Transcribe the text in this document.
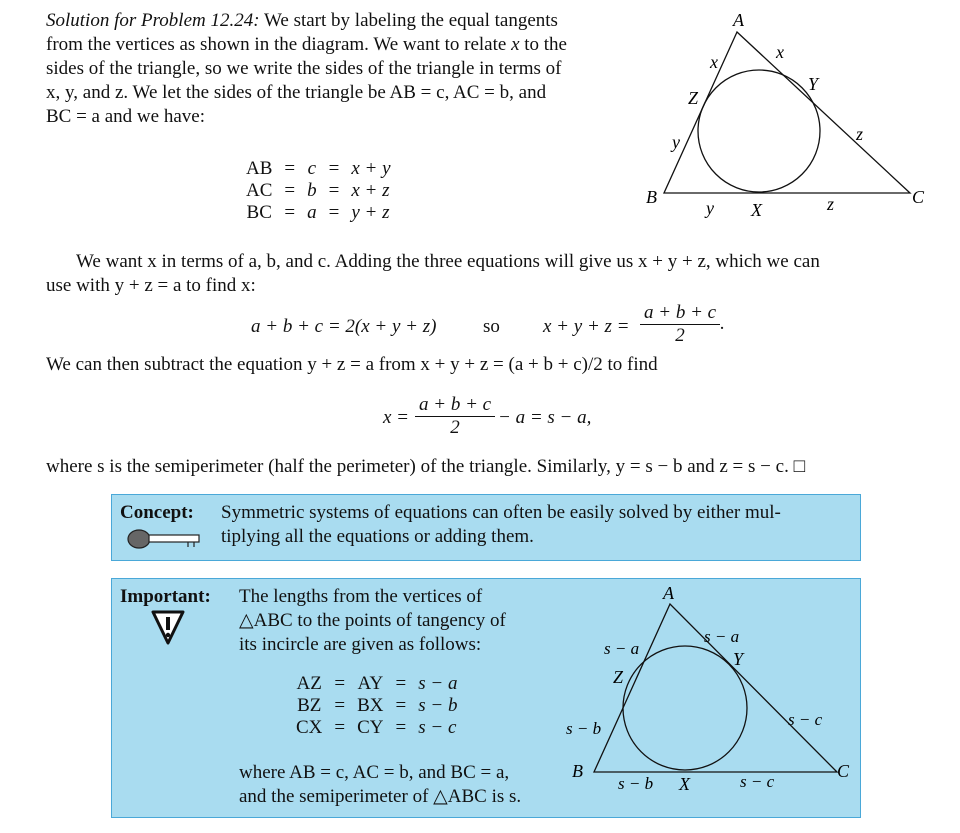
Solution for Problem 12.24: We start by labeling the equal tangents
from the vertices as shown in the diagram. We want to relate x to the
sides of the triangle, so we write the sides of the triangle in terms of
x, y, and z. We let the sides of the triangle be AB = c, AC = b, and
BC = a and we have:
AB	=	c	=	x + y
AC	=	b	=	x + z
BC	=	a	=	y + z
A
B	C
X
Y
Z
x	x
y
y
z
z
We want x in terms of a, b, and c. Adding the three equations will give us x + y + z, which we can
use with y + z = a to find x:
a + b + c = 2(x + y + z) so $x + y + z = \frac{a + b + c}{2}$ .
We can then subtract the equation y + z = a from x + y + z = (a + b + c)/2 to find
$x = \frac{a + b + c}{2} - a = s - a$,
where s is the semiperimeter (half the perimeter) of the triangle. Similarly, y = s − b and z = s − c. □
Concept: Symmetric systems of equations can often be easily solved by either mul-
tiplying all the equations or adding them.
Important: The lengths from the vertices of
△ABC to the points of tangency of
its incircle are given as follows:
AZ	=	AY	=	s − a
BZ	=	BX	=	s − b
CX	=	CY	=	s − c
where AB = c, AC = b, and BC = a,
and the semiperimeter of △ABC is s.
A
B	C
X
Y
Z
s − a
s − a
s − b
s − b
s − c
s − c
